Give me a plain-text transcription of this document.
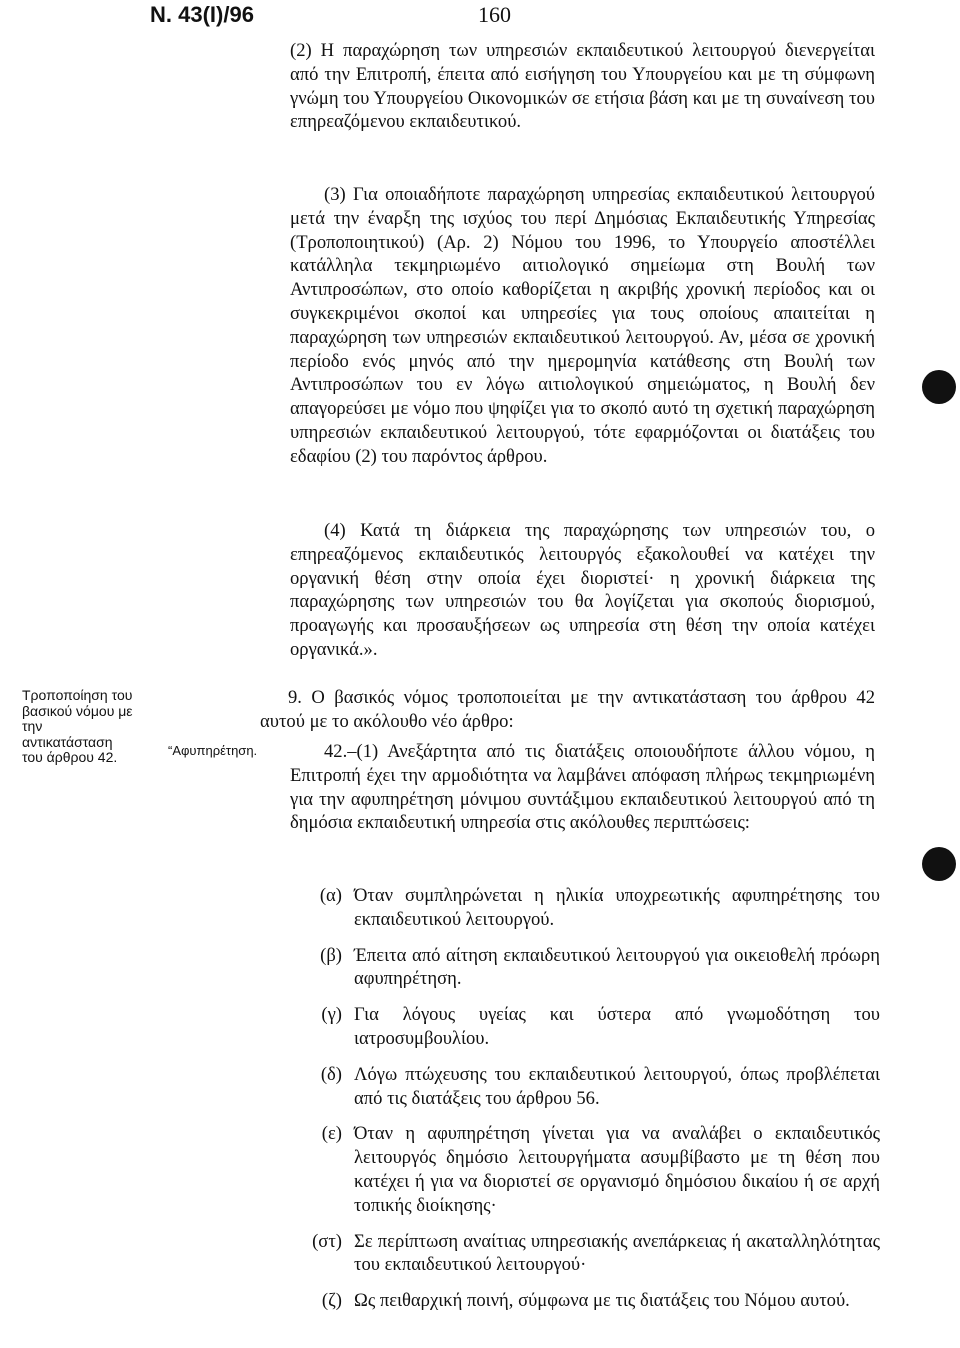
Ν. 43(Ι)/96	160
(2) Η παραχώρηση των υπηρεσιών εκπαιδευτικού λειτουργού διενεργείται από την Επιτροπή, έπειτα από εισήγηση του Υπουργείου και με τη σύμφωνη γνώμη του Υπουργείου Οικονομικών σε ετήσια βάση και με τη συναίνεση του επηρεαζόμενου εκπαιδευτικού.
(3) Για οποιαδήποτε παραχώρηση υπηρεσίας εκπαιδευτικού λειτουργού μετά την έναρξη της ισχύος του περί Δημόσιας Εκπαιδευτικής Υπηρεσίας (Τροποποιητικού) (Αρ. 2) Νόμου του 1996, το Υπουργείο αποστέλλει κατάλληλα τεκμηριωμένο αιτιολογικό σημείωμα στη Βουλή των Αντιπροσώπων, στο οποίο καθορίζεται η ακριβής χρονική περίοδος και οι συγκεκριμένοι σκοποί και υπηρεσίες για τους οποίους απαιτείται η παραχώρηση των υπηρεσιών εκπαιδευτικού λειτουργού. Αν, μέσα σε χρονική περίοδο ενός μηνός από την ημερομηνία κατάθεσης στη Βουλή των Αντιπροσώπων του εν λόγω αιτιολογικού σημειώματος, η Βουλή δεν απαγορεύσει με νόμο που ψηφίζει για το σκοπό αυτό τη σχετική παραχώρηση υπηρεσιών εκπαιδευτικού λειτουργού, τότε εφαρμόζονται οι διατάξεις του εδαφίου (2) του παρόντος άρθρου.
(4) Κατά τη διάρκεια της παραχώρησης των υπηρεσιών του, ο επηρεαζόμενος εκπαιδευτικός λειτουργός εξακολουθεί να κατέχει την οργανική θέση στην οποία έχει διοριστεί· η χρονική διάρκεια της παραχώρησης των υπηρεσιών του θα λογίζεται για σκοπούς διορισμού, προαγωγής και προσαυξήσεων ως υπηρεσία στη θέση την οποία κατέχει οργανικά.».
9. Ο βασικός νόμος τροποποιείται με την αντικατάσταση του άρθρου 42 αυτού με το ακόλουθο νέο άρθρο:
42.–(1) Ανεξάρτητα από τις διατάξεις οποιουδήποτε άλλου νόμου, η Επιτροπή έχει την αρμοδιότητα να λαμβάνει απόφαση πλήρως τεκμηριωμένη για την αφυπηρέτηση μόνιμου συντάξιμου εκπαιδευτικού λειτουργού από τη δημόσια εκπαιδευτική υπηρεσία στις ακόλουθες περιπτώσεις:
(α) Όταν συμπληρώνεται η ηλικία υποχρεωτικής αφυπηρέτησης του εκπαιδευτικού λειτουργού.
(β) Έπειτα από αίτηση εκπαιδευτικού λειτουργού για οικειοθελή πρόωρη αφυπηρέτηση.
(γ) Για λόγους υγείας και ύστερα από γνωμοδότηση του ιατροσυμβουλίου.
(δ) Λόγω πτώχευσης του εκπαιδευτικού λειτουργού, όπως προβλέπεται από τις διατάξεις του άρθρου 56.
(ε) Όταν η αφυπηρέτηση γίνεται για να αναλάβει ο εκπαιδευτικός λειτουργός δημόσιο λειτουργήματα ασυμβίβαστο με τη θέση που κατέχει ή για να διοριστεί σε οργανισμό δημόσιου δικαίου ή σε αρχή τοπικής διοίκησης·
(στ) Σε περίπτωση αναίτιας υπηρεσιακής ανεπάρκειας ή ακαταλληλότητας του εκπαιδευτικού λειτουργού·
(ζ) Ως πειθαρχική ποινή, σύμφωνα με τις διατάξεις του Νόμου αυτού.
Τροποποίηση του βασικού νόμου με την αντικατάσταση του άρθρου 42.	“Αφυπηρέτηση.
